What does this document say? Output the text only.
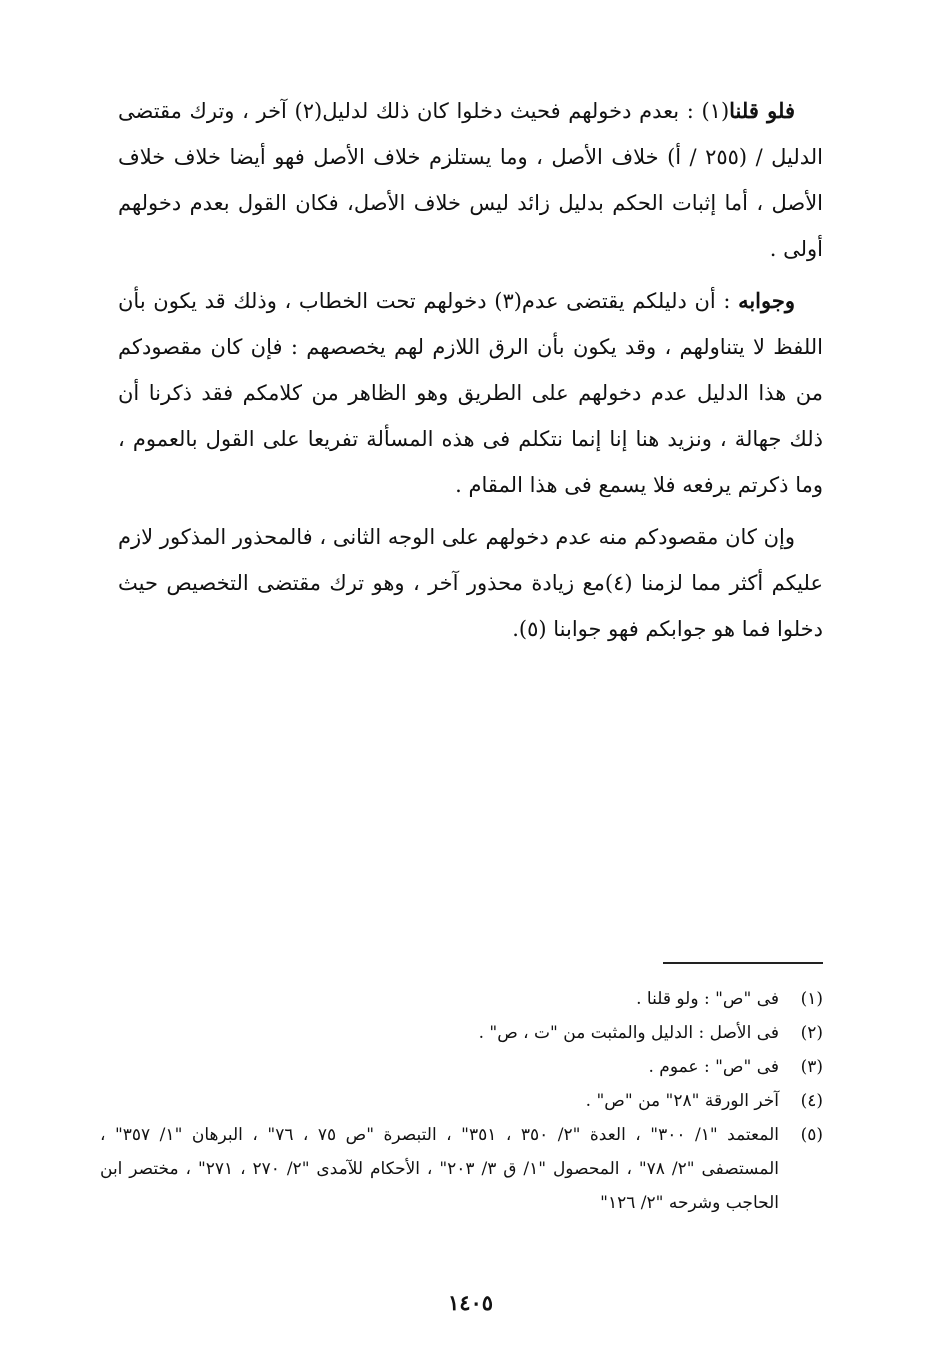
فلو قلنا(١) : بعدم دخولهم فحيث دخلوا كان ذلك لدليل(٢) آخر ، وترك مقتضى الدليل / (٢٥٥ / أ) خلاف الأصل ، وما يستلزم خلاف الأصل فهو أيضا خلاف خلاف الأصل ، أما إثبات الحكم بدليل زائد ليس خلاف الأصل، فكان القول بعدم دخولهم أولى .

وجوابه : أن دليلكم يقتضى عدم(٣) دخولهم تحت الخطاب ، وذلك قد يكون بأن اللفظ لا يتناولهم ، وقد يكون بأن الرق اللازم لهم يخصصهم : فإن كان مقصودكم من هذا الدليل عدم دخولهم على الطريق وهو الظاهر من كلامكم فقد ذكرنا أن ذلك جهالة ، ونزيد هنا إنا إنما نتكلم فى هذه المسألة تفريعا على القول بالعموم ، وما ذكرتم يرفعه فلا يسمع فى هذا المقام .

وإن كان مقصودكم منه عدم دخولهم على الوجه الثانى ، فالمحذور المذكور لازم عليكم أكثر مما لزمنا (٤)مع زيادة محذور آخر ، وهو ترك مقتضى التخصيص حيث دخلوا فما هو جوابكم فهو جوابنا (٥).

(١)
فى "ص" : ولو قلنا .
(٢)
فى الأصل : الدليل والمثبت من "ت ، ص" .
(٣)
فى "ص" : عموم .
(٤)
آخر الورقة "٢٨" من "ص" .
(٥)
المعتمد "١/ ٣٠٠" ، العدة "٢/ ٣٥٠ ، ٣٥١" ، التبصرة "ص ٧٥ ، ٧٦" ، البرهان "١/ ٣٥٧" ، المستصفى "٢/ ٧٨" ، المحصول "١/ ق ٣/ ٢٠٣" ، الأحكام للآمدى "٢/ ٢٧٠ ، ٢٧١" ، مختصر ابن الحاجب وشرحه "٢/ ١٢٦"
١٤٠٥
